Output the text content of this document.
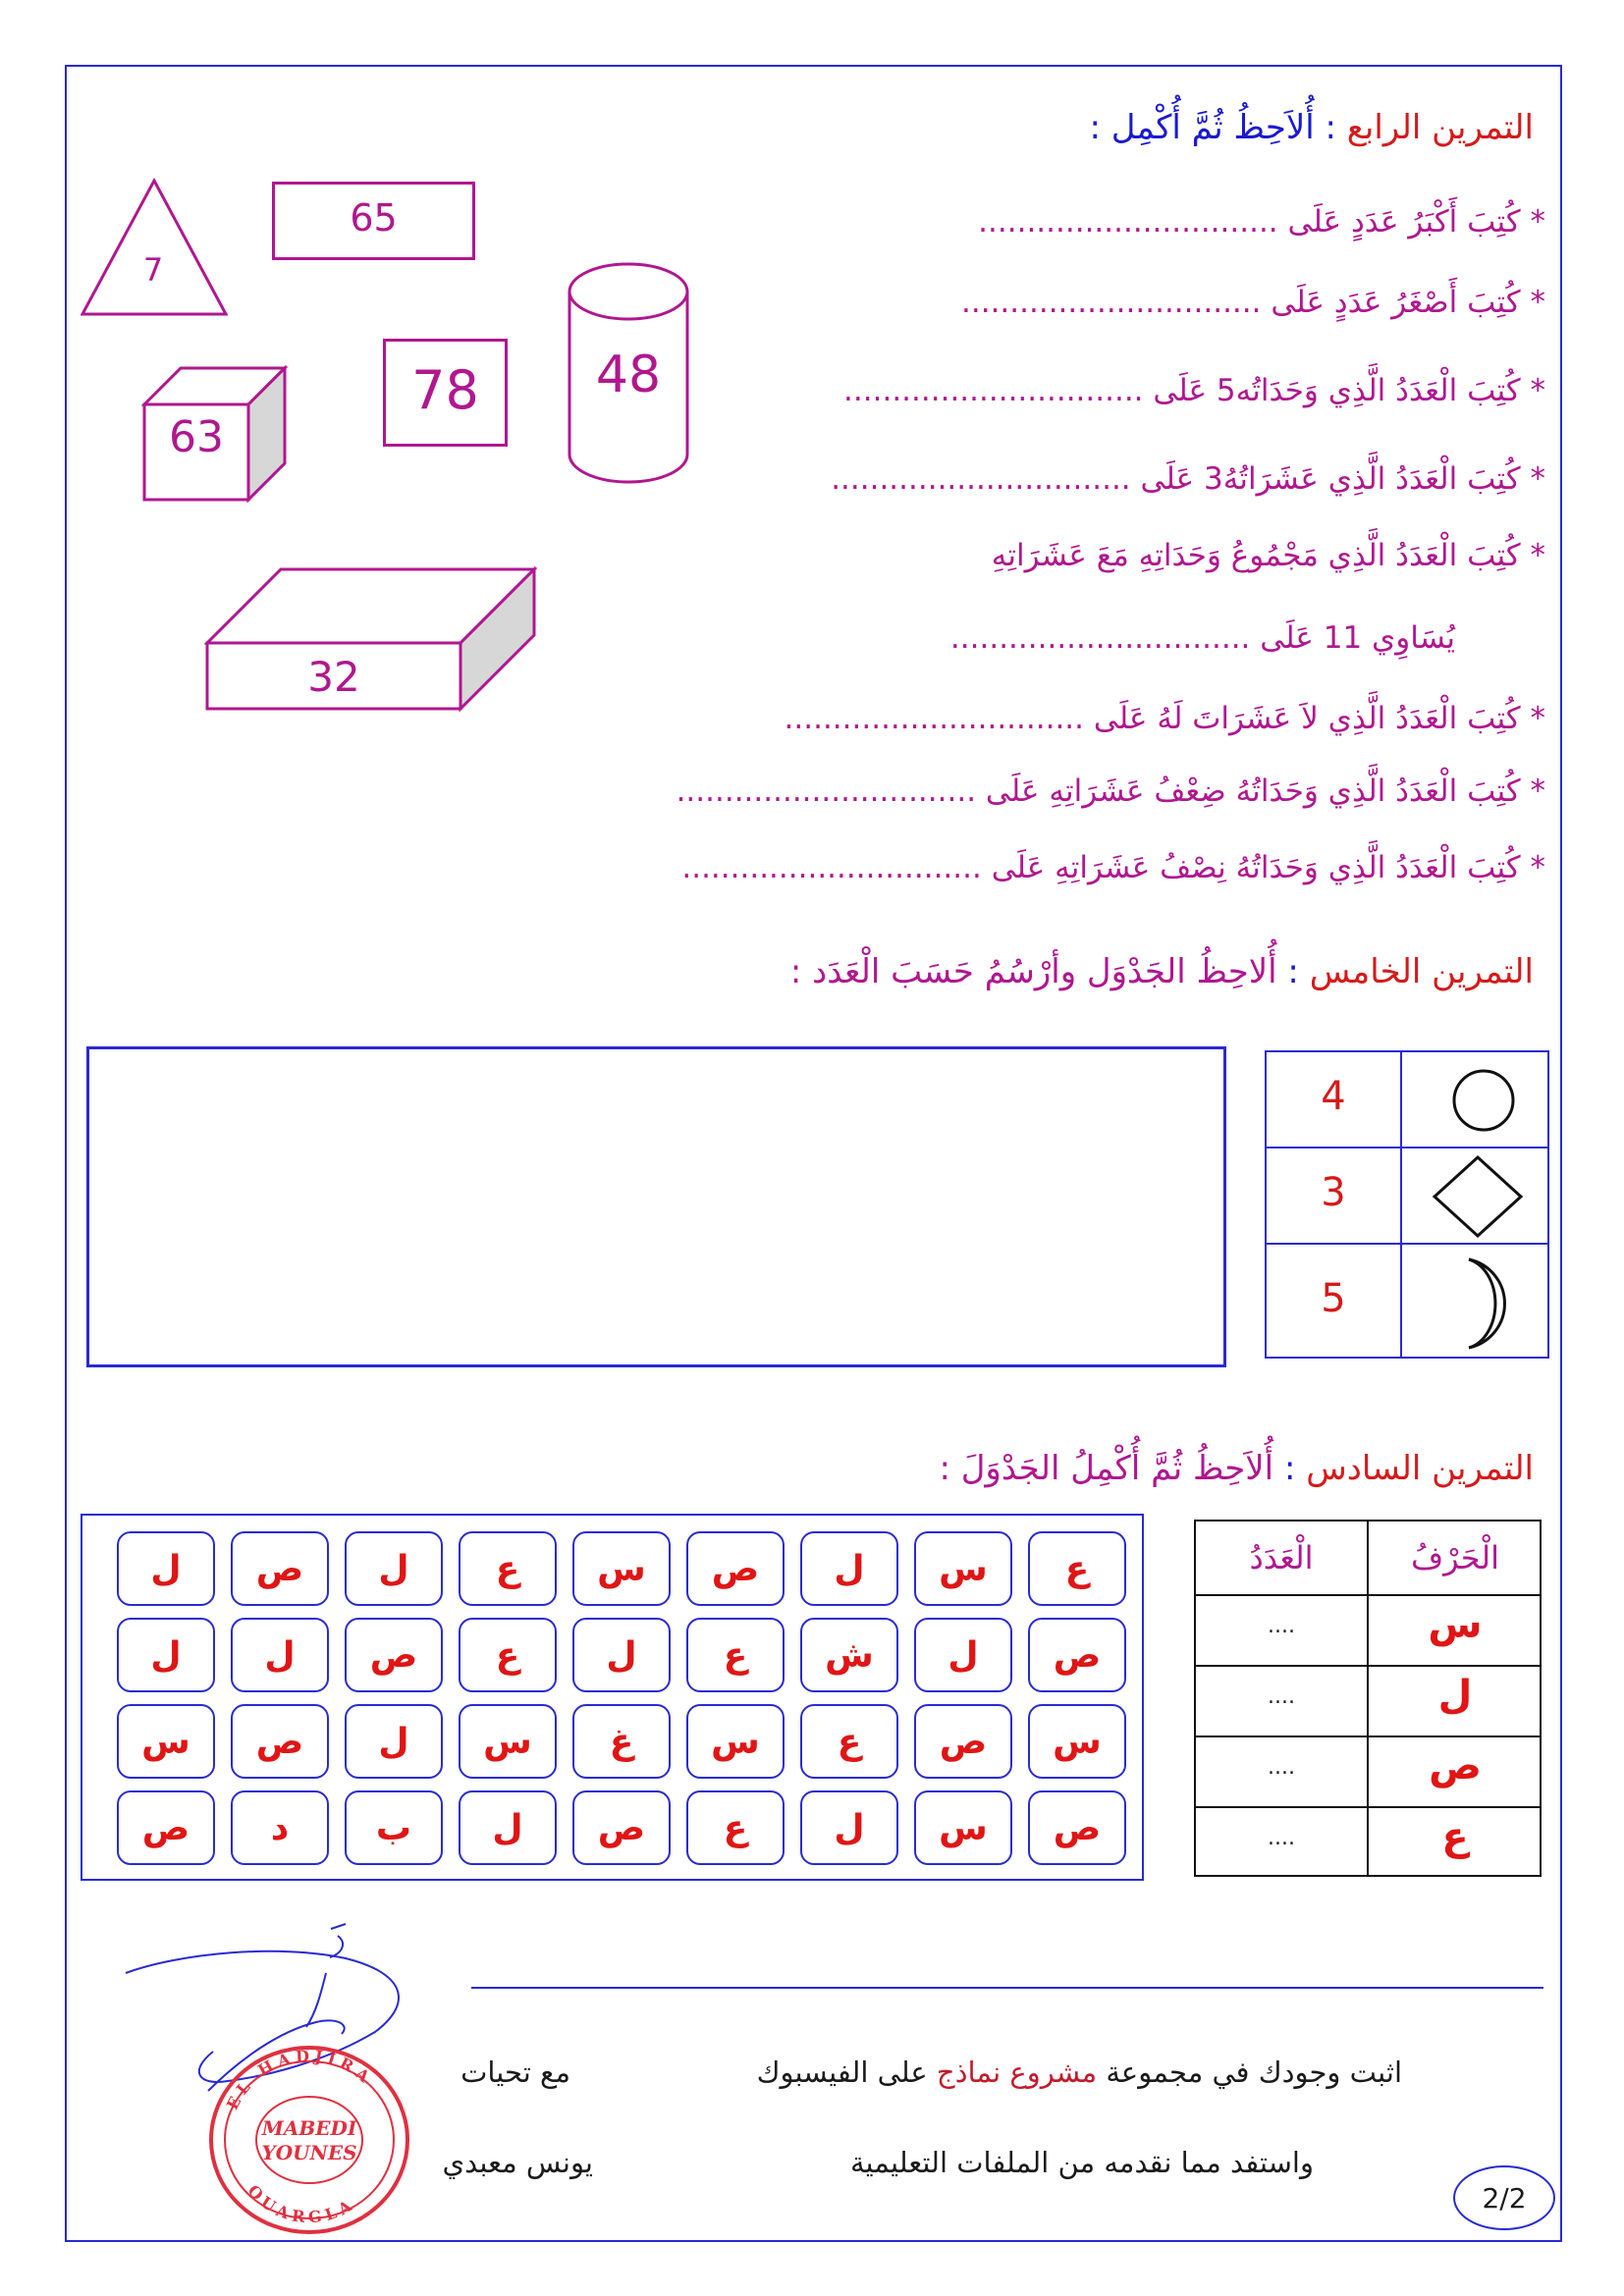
التمرين الرابع : أُلاَحِظُ ثُمَّ أُكْمِل :
* كُتِبَ أَكْبَرُ عَدَدٍ عَلَى ...............................
* كُتِبَ أَصْغَرُ عَدَدٍ عَلَى ...............................
* كُتِبَ الْعَدَدُ الَّذِي وَحَدَاتُه5 عَلَى ...............................
* كُتِبَ الْعَدَدُ الَّذِي عَشَرَاتُهُ3 عَلَى ...............................
* كُتِبَ الْعَدَدُ الَّذِي مَجْمُوعُ وَحَدَاتِهِ مَعَ عَشَرَاتِهِ
يُسَاوِي 11 عَلَى ...............................
* كُتِبَ الْعَدَدُ الَّذِي لاَ عَشَرَاتَ لَهُ عَلَى ...............................
* كُتِبَ الْعَدَدُ الَّذِي وَحَدَاتُهُ ضِعْفُ عَشَرَاتِهِ عَلَى ...............................
* كُتِبَ الْعَدَدُ الَّذِي وَحَدَاتُهُ نِصْفُ عَشَرَاتِهِ عَلَى ...............................
7
65
48
78
63
32
التمرين الخامس : أُلاحِظُ الجَدْوَل وأرْسُمُ حَسَبَ الْعَدَد :
4
3
5
التمرين السادس : أُلاَحِظُ ثُمَّ أُكْمِلُ الجَدْوَلَ :
ع
س
ل
ص
س
ع
ل
ص
ل
ص
ل
ش
ع
ل
ع
ص
ل
ل
س
ص
ع
س
غ
س
ل
ص
س
ص
س
ل
ع
ص
ل
ب
د
ص
الْحَرْفُ
الْعَدَدُ
س
....
ل
....
ص
....
ع
....
اثبت وجودك في مجموعة مشروع نماذج على الفيسبوك
واستفد مما نقدمه من الملفات التعليمية
مع تحيات
يونس معبدي
2/2
EL HADJIRA
OUARGLA
MABEDI
YOUNES
